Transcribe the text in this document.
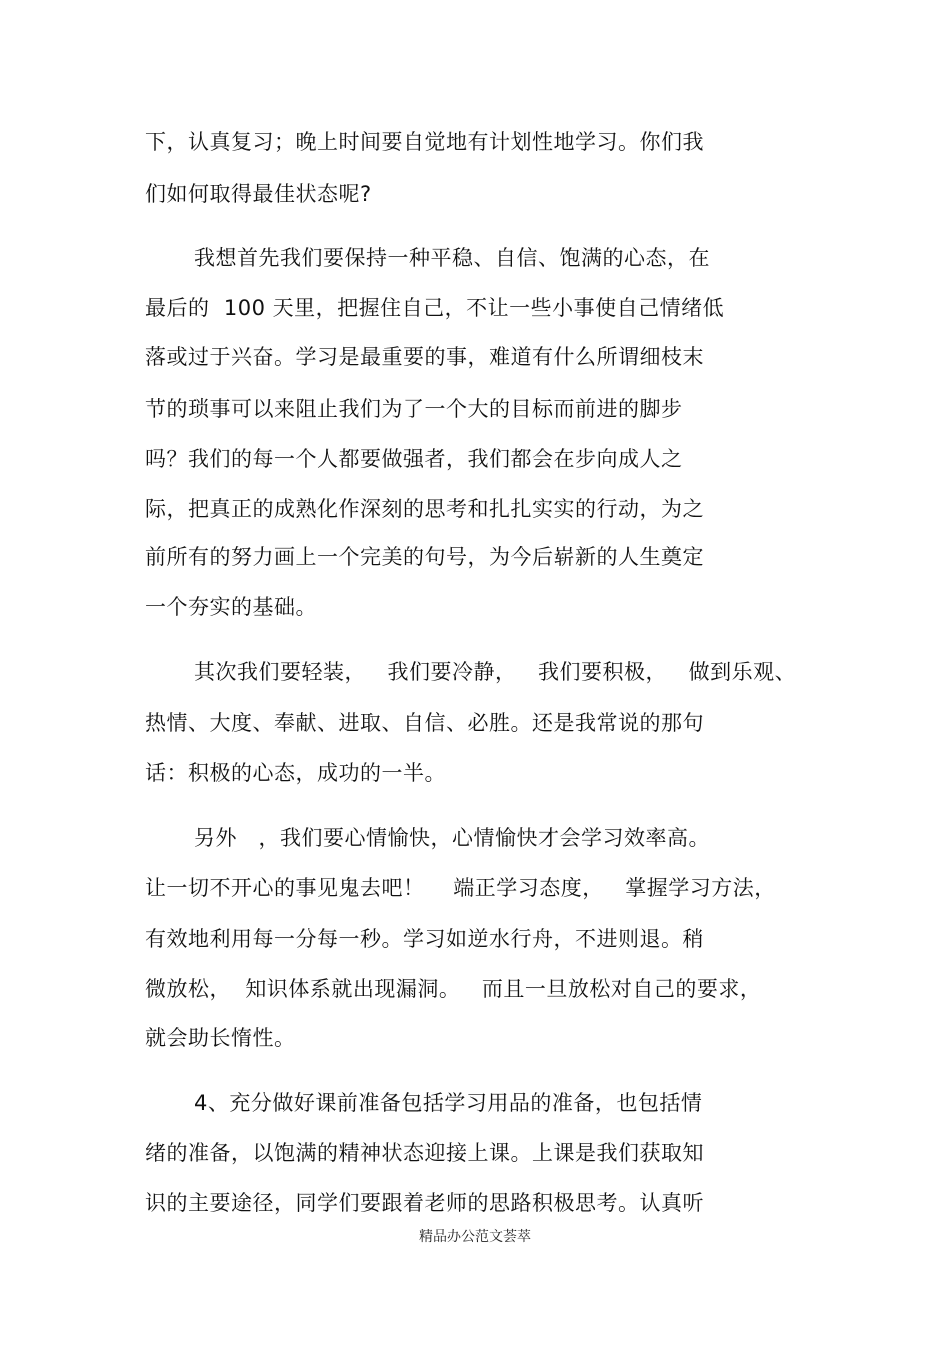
下，认真复习；晚上时间要自觉地有计划性地学习。你们我
们如何取得最佳状态呢?
我想首先我们要保持一种平稳、自信、饱满的心态，在
最后的  100 天里，把握住自己，不让一些小事使自己情绪低
落或过于兴奋。学习是最重要的事，难道有什么所谓细枝末
节的琐事可以来阻止我们为了一个大的目标而前进的脚步
吗？我们的每一个人都要做强者，我们都会在步向成人之
际，把真正的成熟化作深刻的思考和扎扎实实的行动，为之
前所有的努力画上一个完美的句号，为今后崭新的人生奠定
一个夯实的基础。
其次我们要轻装，   我们要冷静，   我们要积极，   做到乐观、
热情、大度、奉献、进取、自信、必胜。还是我常说的那句
话：积极的心态，成功的一半。
另外   ，我们要心情愉快，心情愉快才会学习效率高。
让一切不开心的事见鬼去吧！    端正学习态度，   掌握学习方法，
有效地利用每一分每一秒。学习如逆水行舟，不进则退。稍
微放松，  知识体系就出现漏洞。   而且一旦放松对自己的要求，
就会助长惰性。
4、充分做好课前准备包括学习用品的准备，也包括情
绪的准备，以饱满的精神状态迎接上课。上课是我们获取知
识的主要途径，同学们要跟着老师的思路积极思考。认真听
精品办公范文荟萃
